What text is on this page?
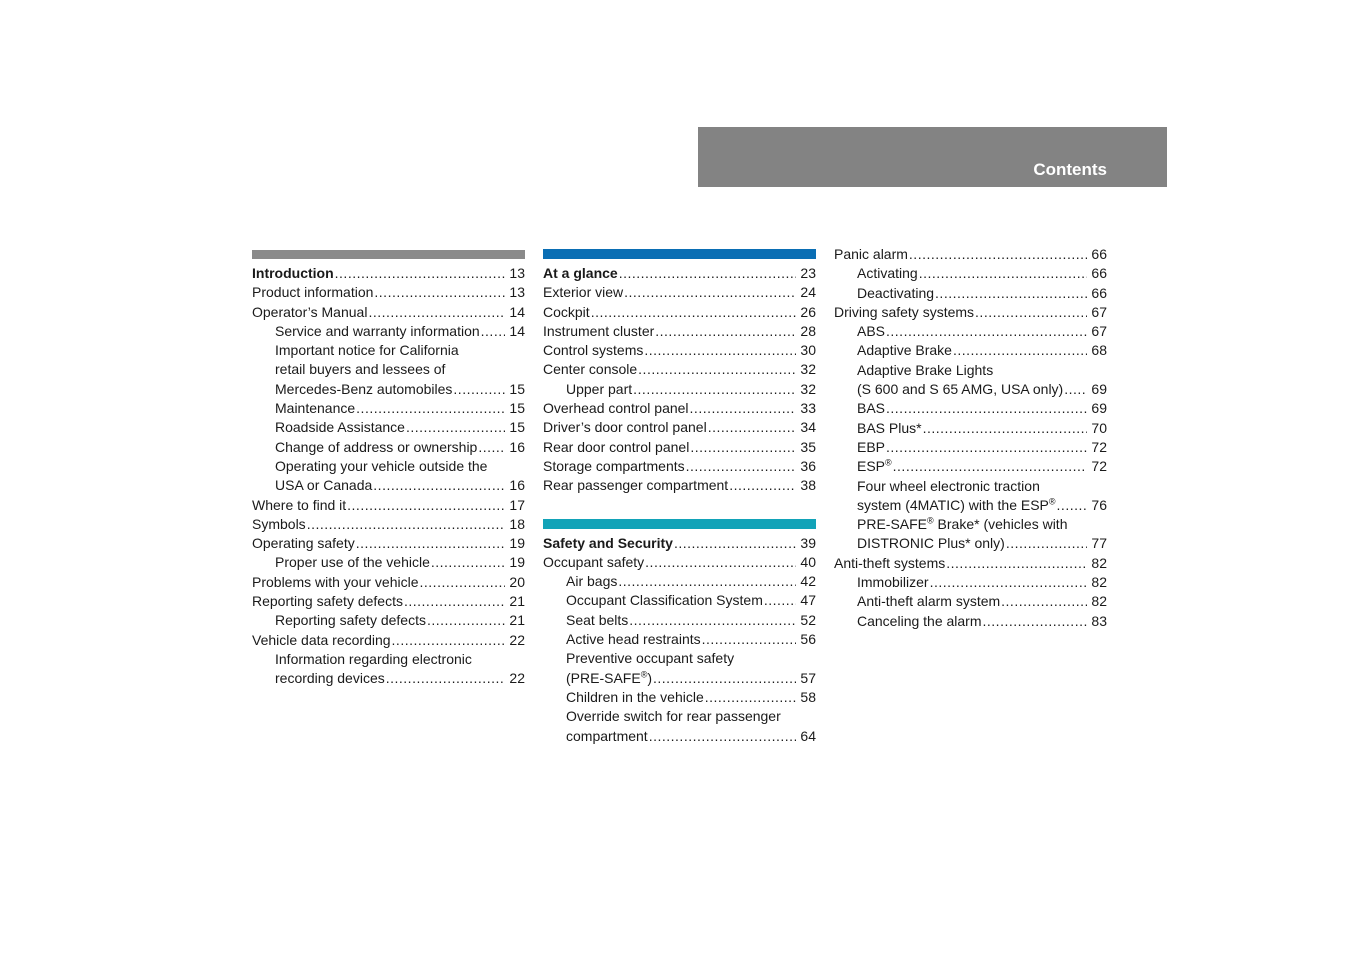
Contents
Introduction .....	13
Product information .....	13
Operator’s Manual .....	14
Service and warranty information ..... 14
Important notice for California
retail buyers and lessees of
Mercedes-Benz automobiles .....	15
Maintenance .....	15
Roadside Assistance .....	15
Change of address or ownership ..... 16
Operating your vehicle outside the
USA or Canada .....	16
Where to find it .....	17
Symbols .....	18
Operating safety .....	19
Proper use of the vehicle .....	19
Problems with your vehicle .....	20
Reporting safety defects .....	21
Reporting safety defects .....	21
Vehicle data recording .....	22
Information regarding electronic
recording devices .....	22
At a glance .....	23
Exterior view .....	24
Cockpit .....	26
Instrument cluster .....	28
Control systems .....	30
Center console .....	32
Upper part .....	32
Overhead control panel .....	33
Driver’s door control panel .....	34
Rear door control panel .....	35
Storage compartments .....	36
Rear passenger compartment .....	38
Safety and Security .....	39
Occupant safety .....	40
Air bags .....	42
Occupant Classification System .....	47
Seat belts .....	52
Active head restraints .....	56
Preventive occupant safety
(PRE-SAFE®) .....	57
Children in the vehicle .....	58
Override switch for rear passenger
compartment .....	64
Panic alarm .....	66
Activating .....	66
Deactivating .....	66
Driving safety systems .....	67
ABS .....	67
Adaptive Brake .....	68
Adaptive Brake Lights
(S 600 and S 65 AMG, USA only) ..... 69
BAS .....	69
BAS Plus* .....	70
EBP .....	72
ESP® .....	72
Four wheel electronic traction
system (4MATIC) with the ESP® .....	76
PRE-SAFE® Brake* (vehicles with
DISTRONIC Plus* only) .....	77
Anti-theft systems .....	82
Immobilizer .....	82
Anti-theft alarm system .....	82
Canceling the alarm .....	83
